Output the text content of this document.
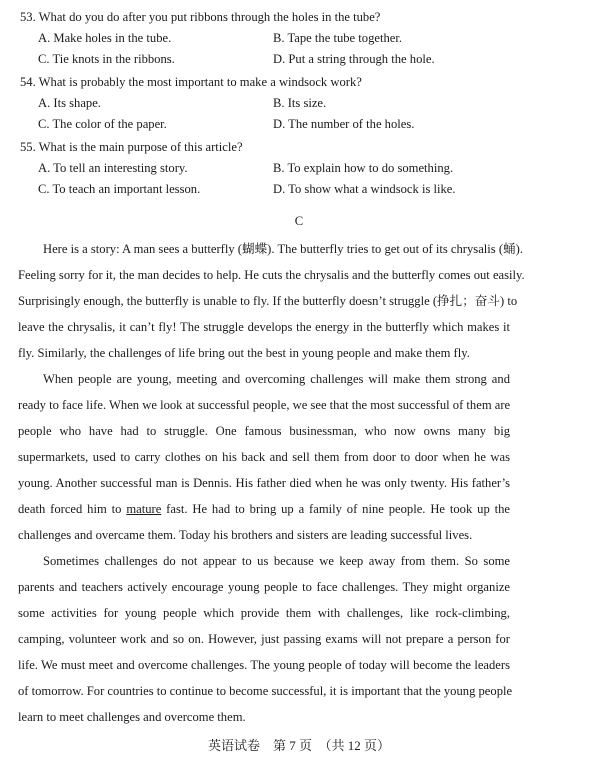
53. What do you do after you put ribbons through the holes in the tube?
A. Make holes in the tube.	B. Tape the tube together.
C. Tie knots in the ribbons.	D. Put a string through the hole.
54. What is probably the most important to make a windsock work?
A. Its shape.	B. Its size.
C. The color of the paper.	D. The number of the holes.
55. What is the main purpose of this article?
A. To tell an interesting story.	B. To explain how to do something.
C. To teach an important lesson.	D. To show what a windsock is like.
C
Here is a story: A man sees a butterfly (蝴蝶). The butterfly tries to get out of its chrysalis (蛹).
Feeling sorry for it, the man decides to help. He cuts the chrysalis and the butterfly comes out easily.
Surprisingly enough, the butterfly is unable to fly. If the butterfly doesn’t struggle (挣扎；奋斗) to
leave the chrysalis, it can’t fly! The struggle develops the energy in the butterfly which makes it
fly. Similarly, the challenges of life bring out the best in young people and make them fly.
When people are young, meeting and overcoming challenges will make them strong and
ready to face life. When we look at successful people, we see that the most successful of them are
people who have had to struggle. One famous businessman, who now owns many big
supermarkets, used to carry clothes on his back and sell them from door to door when he was
young. Another successful man is Dennis. His father died when he was only twenty. His father’s
death forced him to mature fast. He had to bring up a family of nine people. He took up the
challenges and overcame them. Today his brothers and sisters are leading successful lives.
Sometimes challenges do not appear to us because we keep away from them. So some
parents and teachers actively encourage young people to face challenges. They might organize
some activities for young people which provide them with challenges, like rock-climbing,
camping, volunteer work and so on. However, just passing exams will not prepare a person for
life. We must meet and overcome challenges. The young people of today will become the leaders
of tomorrow. For countries to continue to become successful, it is important that the young people
learn to meet challenges and overcome them.
英语试卷　第 7 页　（共 12 页）
